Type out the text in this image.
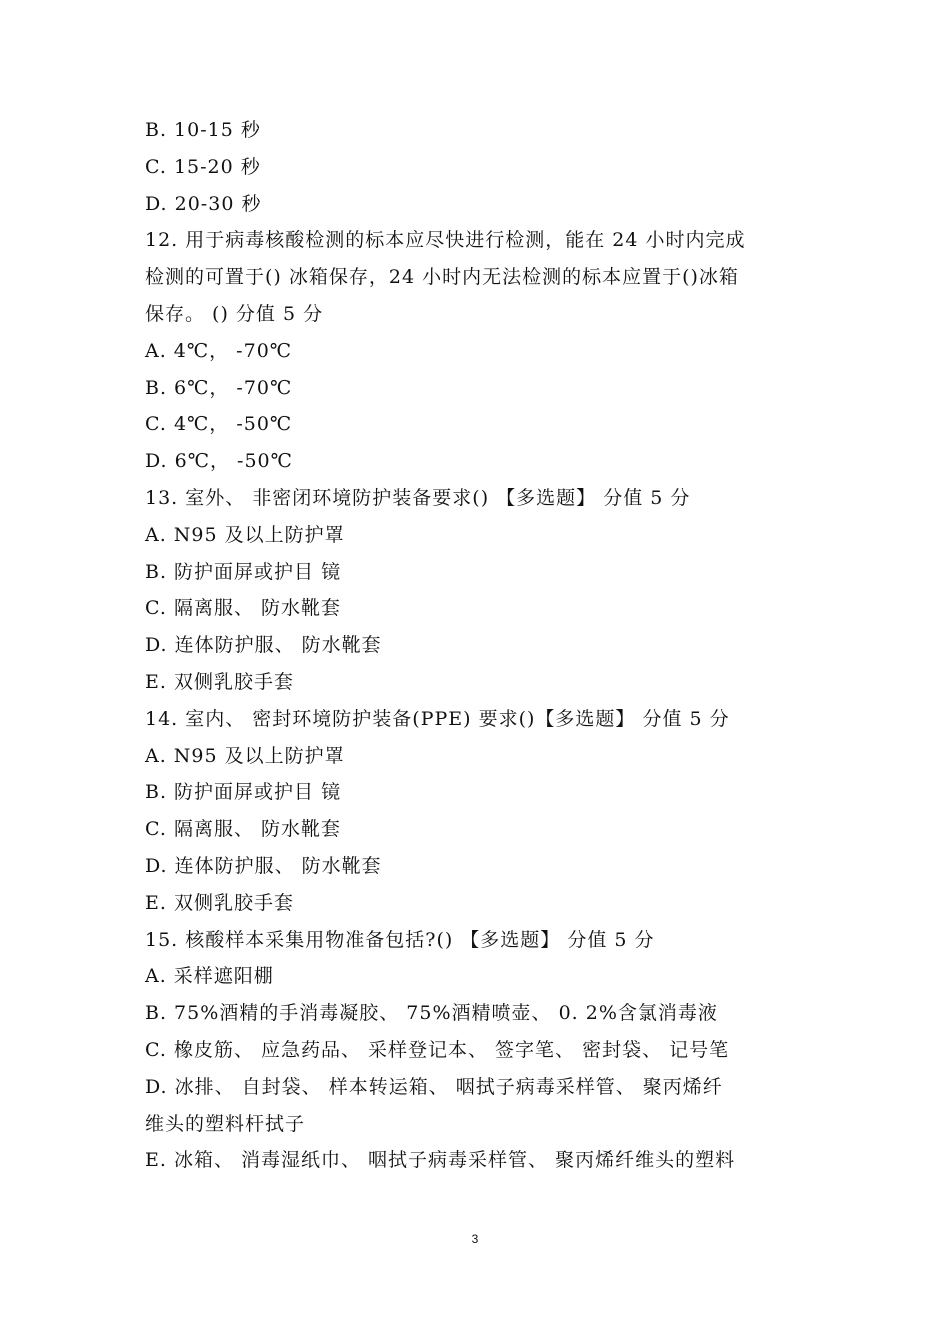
B. 10-15 秒
C. 15-20 秒
D. 20-30 秒
12. 用于病毒核酸检测的标本应尽快进行检测，能在 24 小时内完成
检测的可置于() 冰箱保存，24 小时内无法检测的标本应置于()冰箱
保存。 () 分值 5 分
A. 4℃， -70℃
B. 6℃， -70℃
C. 4℃， -50℃
D. 6℃， -50℃
13. 室外、 非密闭环境防护装备要求() 【多选题】 分值 5 分
A. N95 及以上防护罩
B. 防护面屏或护目 镜
C. 隔离服、 防水靴套
D. 连体防护服、 防水靴套
E. 双侧乳胶手套
14. 室内、 密封环境防护装备(PPE) 要求()【多选题】 分值 5 分
A. N95 及以上防护罩
B. 防护面屏或护目 镜
C. 隔离服、 防水靴套
D. 连体防护服、 防水靴套
E. 双侧乳胶手套
15. 核酸样本采集用物准备包括?() 【多选题】 分值 5 分
A. 采样遮阳棚
B. 75%酒精的手消毒凝胶、 75%酒精喷壶、 0. 2%含氯消毒液
C. 橡皮筋、 应急药品、 采样登记本、 签字笔、 密封袋、 记号笔
D. 冰排、 自封袋、 样本转运箱、 咽拭子病毒采样管、 聚丙烯纤
维头的塑料杆拭子
E. 冰箱、 消毒湿纸巾、 咽拭子病毒采样管、 聚丙烯纤维头的塑料
3
